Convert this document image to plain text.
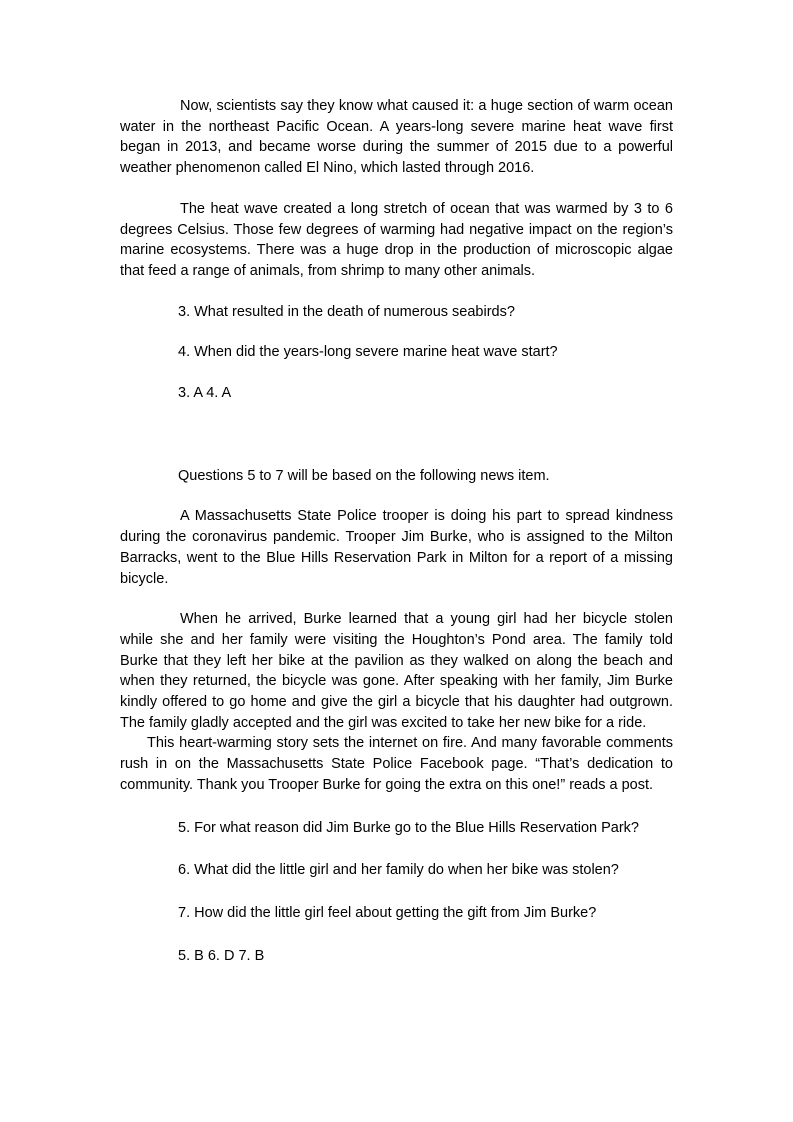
Now, scientists say they know what caused it: a huge section of warm ocean water in the northeast Pacific Ocean. A years-long severe marine heat wave first began in 2013, and became worse during the summer of 2015 due to a powerful weather phenomenon called El Nino, which lasted through 2016.

The heat wave created a long stretch of ocean that was warmed by 3 to 6 degrees Celsius. Those few degrees of warming had negative impact on the region’s marine ecosystems. There was a huge drop in the production of microscopic algae that feed a range of animals, from shrimp to many other animals.

3. What resulted in the death of numerous seabirds?

4. When did the years-long severe marine heat wave start?

3. A 4. A

Questions 5 to 7 will be based on the following news item.

A Massachusetts State Police trooper is doing his part to spread kindness during the coronavirus pandemic. Trooper Jim Burke, who is assigned to the Milton Barracks, went to the Blue Hills Reservation Park in Milton for a report of a missing bicycle.

When he arrived, Burke learned that a young girl had her bicycle stolen while she and her family were visiting the Houghton’s Pond area. The family told Burke that they left her bike at the pavilion as they walked on along the beach and when they returned, the bicycle was gone. After speaking with her family, Jim Burke kindly offered to go home and give the girl a bicycle that his daughter had outgrown. The family gladly accepted and the girl was excited to take her new bike for a ride.

This heart-warming story sets the internet on fire. And many favorable comments rush in on the Massachusetts State Police Facebook page. “That’s dedication to community. Thank you Trooper Burke for going the extra on this one!” reads a post.

5. For what reason did Jim Burke go to the Blue Hills Reservation Park?

6. What did the little girl and her family do when her bike was stolen?

7. How did the little girl feel about getting the gift from Jim Burke?

5. B 6. D 7. B
